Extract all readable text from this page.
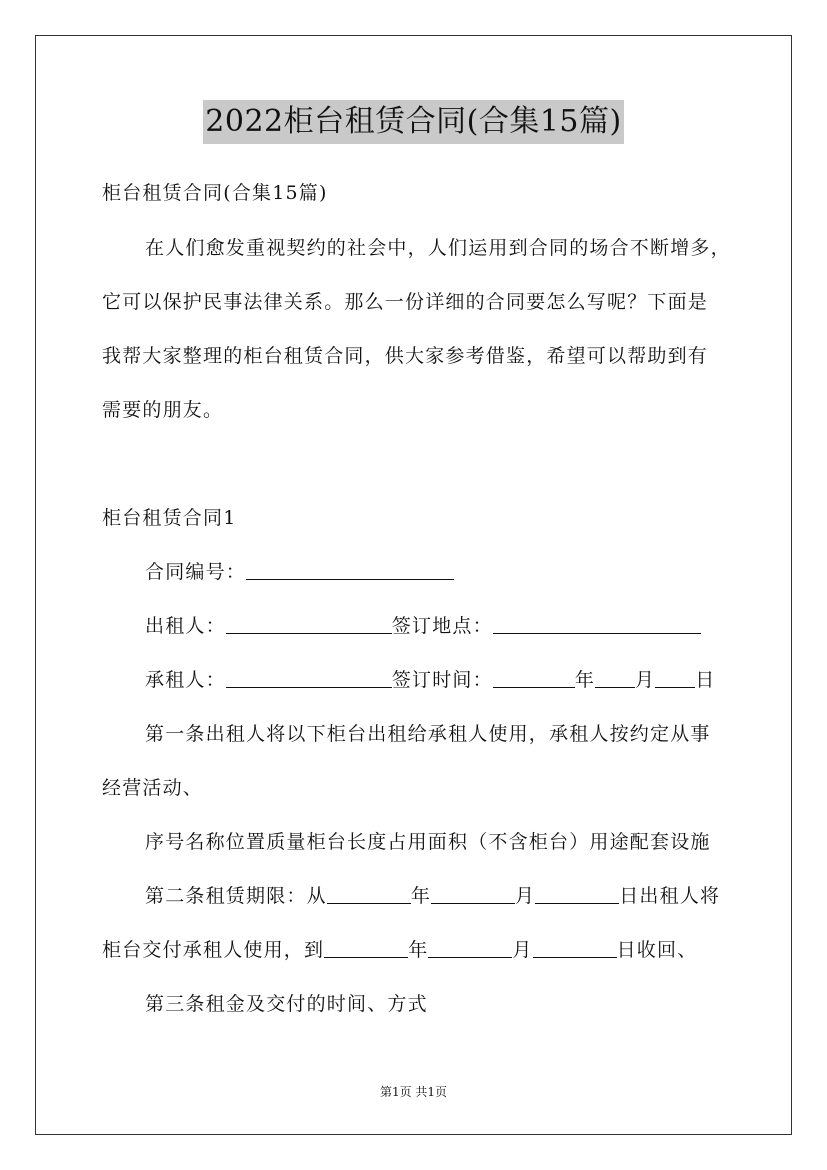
2022柜台租赁合同(合集15篇)
柜台租赁合同(合集15篇)
在人们愈发重视契约的社会中，人们运用到合同的场合不断增多，
它可以保护民事法律关系。那么一份详细的合同要怎么写呢？下面是
我帮大家整理的柜台租赁合同，供大家参考借鉴，希望可以帮助到有
需要的朋友。
柜台租赁合同1
合同编号：
出租人：	签订地点：
承租人：	签订时间：	年 月 日
第一条出租人将以下柜台出租给承租人使用，承租人按约定从事
经营活动、
序号名称位置质量柜台长度占用面积（不含柜台）用途配套设施
第二条租赁期限：从	年	月	日出租人将
柜台交付承租人使用，到	年	月	日收回、
第三条租金及交付的时间、方式
第1页 共1页
